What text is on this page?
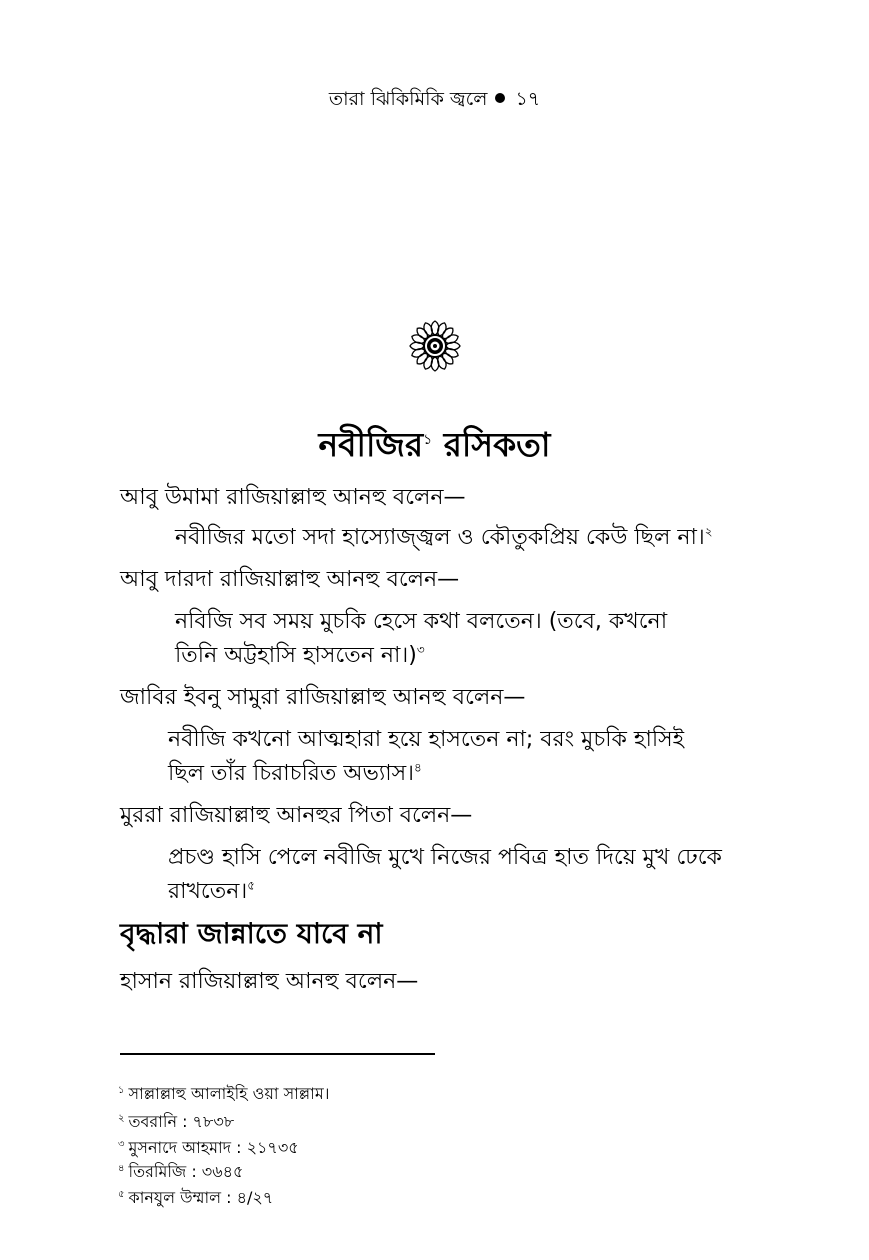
তারা ঝিকিমিকি জ্বলে ১৭
নবীজির$^১$ রসিকতা
আবু উমামা রাজিয়াল্লাহু আনহু বলেন—
নবীজির মতো সদা হাস্যোজ্জ্বল ও কৌতুকপ্রিয় কেউ ছিল না।$^২$
আবু দারদা রাজিয়াল্লাহু আনহু বলেন—
নবিজি সব সময় মুচকি হেসে কথা বলতেন। (তবে, কখনো
তিনি অট্টহাসি হাসতেন না।)$^৩$
জাবির ইবনু সামুরা রাজিয়াল্লাহু আনহু বলেন—
নবীজি কখনো আত্মহারা হয়ে হাসতেন না; বরং মুচকি হাসিই
ছিল তাঁর চিরাচরিত অভ্যাস।$^৪$
মুররা রাজিয়াল্লাহু আনহুর পিতা বলেন—
প্রচণ্ড হাসি পেলে নবীজি মুখে নিজের পবিত্র হাত দিয়ে মুখ ঢেকে
রাখতেন।$^৫$
বৃদ্ধারা জান্নাতে যাবে না
হাসান রাজিয়াল্লাহু আনহু বলেন—
$^১$ সাল্লাল্লাহু আলাইহি ওয়া সাল্লাম।
$^২$ তবরানি : ৭৮৩৮
$^৩$ মুসনাদে আহমাদ : ২১৭৩৫
$^৪$ তিরমিজি : ৩৬৪৫
$^৫$ কানযুল উম্মাল : ৪/২৭
